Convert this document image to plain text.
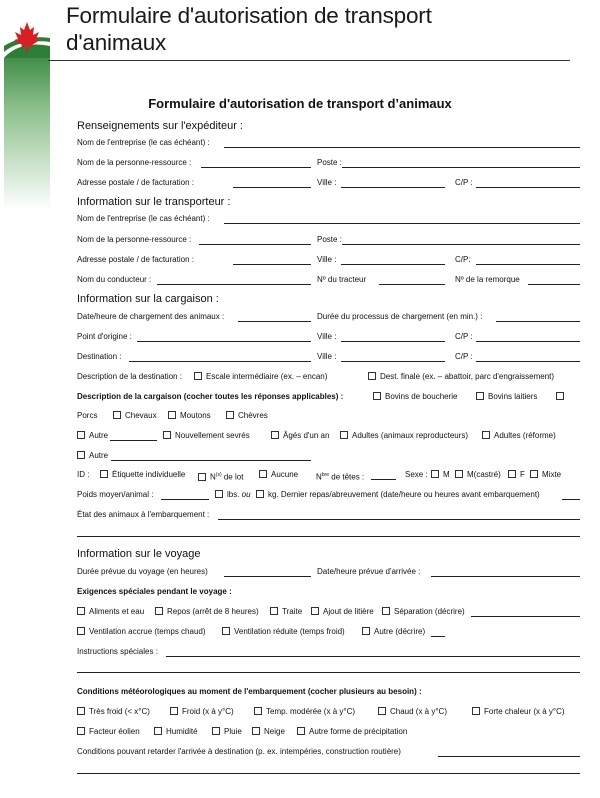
Formulaire d'autorisation de transport
d'animaux
Formulaire d'autorisation de transport d’animaux
Renseignements sur l'expéditeur :
Nom de l'entreprise (le cas échéant) :
Nom de la personne-ressource :	Poste :
Adresse postale / de facturation :	Ville :	C/P :
Information sur le transporteur :
Nom de l'entreprise (le cas échéant) :
Nom de la personne-ressource :	Poste :
Adresse postale / de facturation :	Ville :	C/P:
Nom du conducteur :	Nº du tracteur	Nº de la remorque
Information sur la cargaison :
Date/heure de chargement des animaux :	Durée du processus de chargement (en min.) :
Point d'origine :	Ville :	C/P :
Destination :	Ville :	C/P :
Description de la destination :	Escale intermédiaire (ex. – encan)	Dest. finale (ex. – abattoir, parc d'engraissement)
Description de la cargaison (cocher toutes les réponses applicables) :	Bovins de boucherie	Bovins laitiers
Porcs	Chevaux	Moutons	Chèvres
Autre	Nouvellement sevrés	Âgés d'un an	Adultes (animaux reproducteurs)	Adultes (réforme)
Autre
ID :	Étiquette individuelle	$N^{(s)}$ de lot	Aucune $N^{bre}$ de têtes :	Sexe :	M	M(castré)	F	Mixte
Poids moyen/animal :	lbs. ou	kg. Dernier repas/abreuvement (date/heure ou heures avant embarquement)
État des animaux à l'embarquement :
Information sur le voyage
Durée prévue du voyage (en heures)	Date/heure prévue d'arrivée :
Exigences spéciales pendant le voyage :
Aliments et eau	Repos (arrêt de 8 heures)	Traite	Ajout de litière	Séparation (décrire)
Ventilation accrue (temps chaud)	Ventilation réduite (temps froid)	Autre (décrire)
Instructions spéciales :
Conditions météorologiques au moment de l'embarquement (cocher plusieurs au besoin) :
Très froid (< x°C)	Froid (x à y°C)	Temp. modérée (x à y°C)	Chaud (x à y°C)	Forte chaleur (x à y°C)
Facteur éolien	Humidité	Pluie	Neige	Autre forme de précipitation
Conditions pouvant retarder l'arrivée à destination (p. ex. intempéries, construction routière)
